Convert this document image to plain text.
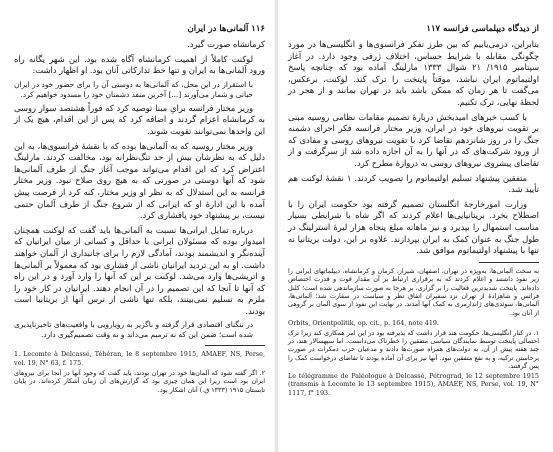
۱۱۶ آلمانی‌ها در ایران

کرمانشاه صورت گیرد.

لوکنت کاملاً از اهمیت کرمانشاه آگاه شده بود. این شهر یگانه راه ورود آلمانی‌ها به ایران و تنها خط تدارکاتی آنان بود. او اظهار داشت:

با استقرار در این محل، که آلمانی‌ها به دوستی آن را برای حضور خود در ایران حیاتی و شمار می‌آورند [...] آخرین منفذ دشمنان خود را مسدود خواهیم کرد.

وزیر مختار فرانسه برایِ مبنا توصیه کرد که فوراً هشتصد سوار روسی به کرمانشاه اعزام گردند و اضافه کرد که پس از این اقدام، هیچ یک از این واحدها نمی‌توانند تقویت شوند.

وزیر مختار روسیه که به آلمانی‌ها بوده که با نقشهٔ فرانسوی‌ها، به این دلیل که به نظرشان بیش از حد تنگ‌نظرانه بود، مخالفت کردند. مارلینگ اعتراض کرد که این اقدام می‌تواند موجب آغاز جنگ از طرف آلمانی‌ها شود که آنها دوستی در صورتی که به هیچ روی صلاح نبود. وزیر مختار فرانسه به این استدلال که به نظر او وزیر مختار، کنه کرد از فرصت پیش آمده با این ادارهٔ او که ایرانی که از شروع جنگ از طرف آلمان حتمی نیست، بر پیشنهاد خود پافشاری کرد.

درباره تمایل ایرانی‌ها نسبت به آلمانی‌ها باید گفت که لوکنت همچنان امیدوار بوده که مسئولان ایرانی با حداقل و کسانی از میان ایرانیان که آینده‌نگر و اندیشمند بودند، آمادگی لازم را برای جانبداری از آلمان خواهند داشت. او به این تردید ایرانیان ناشی از فشاری بود که معمولاً بر آلمانی‌ها و اتریشی‌ها وارد می‌شد. لوکنت بر این که آنها را وارد آورد و در این راه که آنها تا آنجا که این تصمیم را در آن انجام دهند. ایرانیان در کار خود را ملزم به تسلیم نمی‌بینند، بلکه تنها ناشی از ترس آنها از بریتانیا است بودند.

در تنگنای اقتصادی قرار گرفته و ناگزیر به رویارویی با واقعیت‌های تاخیرناپذیری شده است؛ ضمن این که نه ترمیم می‌داند و نه وقت تصمیم‌گیری دارد.

1. Lecomte à Delcassé, Téhéran, le 8 septembre 1915, AMAEF, NS, Perse, vol. 19, N° 63, f. 175.

۲. اگر گفته شود که آلمان‌ها خود در تهران بودند، باید گفت که وجود آنها در آنجا برای نیروهای ایران بود است زیرا این همان چیزی بود که گزارش‌های آن زمان آشکار کرده‌اند. در پایان تابستان ۱۹۱۵ (۱۳۳۳ ق.) آنان اشکار بود.

از دیدگاه دیپلماسی فرانسه ۱۱۷

بنابراین، درمی‌یابیم که بین طرز تفکر فرانسوی‌ها و انگلیسی‌ها در مورد چگونگی مقابله با شرایط حساس، اختلاف ژرفی وجود دارد. در آغاز سپتامبر ۱۹۱۵/ ۲۱ شوال ۱۳۳۳ مارلینگ آماده بود که چنانچه پاسخ اولتیماتوم ایران نباشد، موقتاً پایتخت را ترک کند. لوکنت، برعکس، می‌گفت تا هر زمان که ممکن باشد باید در تهران بمانند و از هجر در لحظهٔ نهایی، ترک تکنیم.

با کسب خبرهای امیدبخش دربارهٔ تصمیم مقامات نظامی روسیه مبنی بر تقویت نیروهای خود در ایران، وزیر مختار فرانسه فکر اجرای دشمنه جنگ را در روز شانزدهم تقاضا کرد با تقویت نیروهای روسی و مفادی که از ورود شرکت‌های که در آنها را به آن اجازه داده شد از سرگرفت و از تقاضای پیشروی نیروهای روسی به دروازهٔ مطرح کرد.

متفقین پیشنهاد تسلیم اولتیماتوم را تصویب کردند. ۱ نقشهٔ لوکنت هم تأیید شد.

وزارت امورخارجهٔ انگلستان تصمیم گرفته بود حکومت ایران را با اصطلاح بخرد. بریتانیایی‌ها اعلام کردند که اگر شاه با شرایطی بسیار مناسب استمهال را بپذیرد و نیز ماهانه مبلغ پنجاه هزار لیرهٔ استرلینگ در طول جنگ به عنوان کمک به ایران بپردازند. علاوه بر این، دولت بریتانیا نه تنها با پیشنهاد اولتیماتوم موافق شد.

به سخت آلمانی‌ها، به‌ویژه در تهران، اصفهان، شیراز، کرمان و کرمانشاه، دیپلماتهای ایرانی را زیر نفوذ داشتند و اعلام کردند که به برقراری ارتباط بر آن مقدار قوت و قدرت اختصاص داده‌اند. پایتخت شدیدترین فعالیت را بر گزاری، بر هرجا به صورت سازماندهی شده است؛ کلنل فراتس و شاهزادهٔ از تهران نزد سفیران اتفاق نظر و سیاست در سفارت شد؛ آلمانی‌ها، آلمانی‌ها، سوئدی‌های ژاندارمری به کمک آنها آمدند. در نهایت این نفوذ از سوی آلمان بر گروهی از آنان بود.

Orbits, Orientpolitik, op. cit., p. 164, note 419.

۱. در کنار انگلیسی‌ها، حکومت هند قرار داشت که پذیرفته بود در این امر همکاری کند زیرا ترک احتمالی پایتخت توسط نمایندگان سیاسی متفقین را خطرناک می‌دانست. اما سپهسالار هند، در چند هفته پیش از آن، به دولت‌های همراه صورت‌ها دادند و مدعیان حزب دمکرات در صورت برخاستن ترکیه، و به نفع متفقین نبود. آنها نیز برای آن آماده بودند تا تقاضای درخواست کمک را پس گرفتند.

Le télégramme de Paléologue à Delcassé, Pétrograd, le 12 septembre 1915 (transmis à Lecomte le 13 septembre 1915), AMAEF, NS, Perse, vol. 19, N° 1117, f° 193.
